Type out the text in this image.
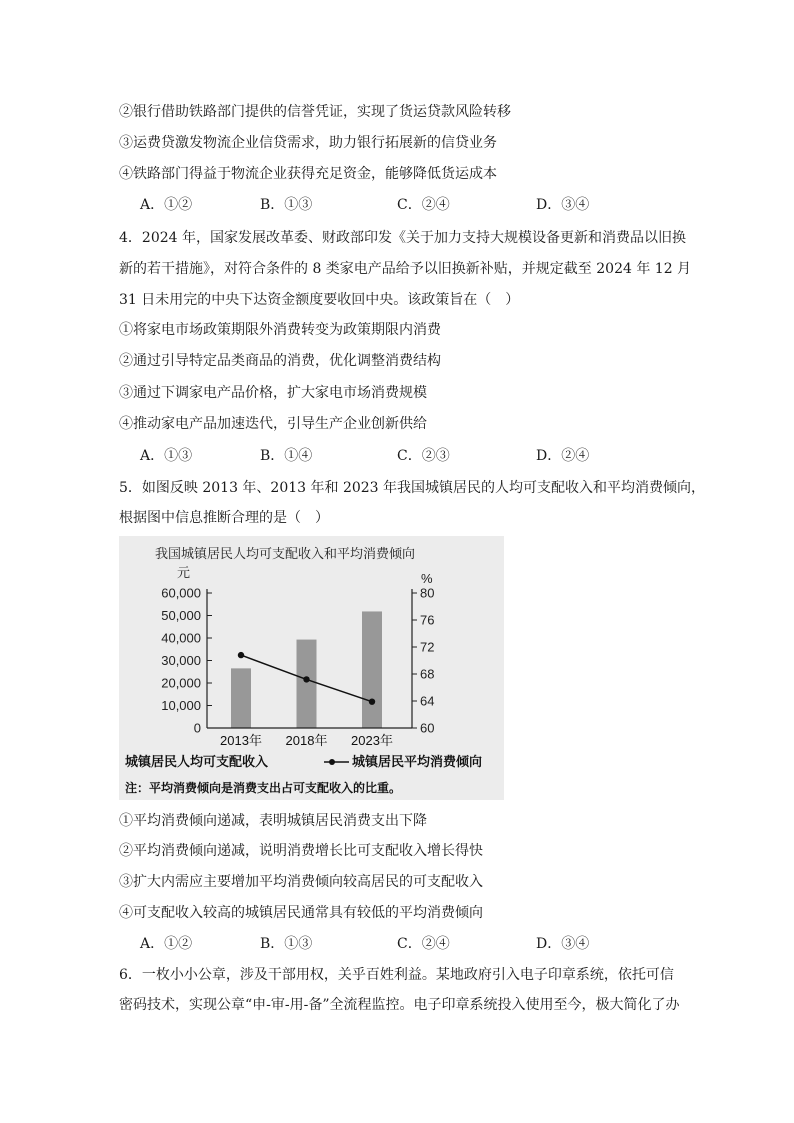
②银行借助铁路部门提供的信誉凭证，实现了货运贷款风险转移
③运费贷激发物流企业信贷需求，助力银行拓展新的信贷业务
④铁路部门得益于物流企业获得充足资金，能够降低货运成本
A．①②	B．①③	C．②④	D．③④
4．2024 年，国家发展改革委、财政部印发《关于加力支持大规模设备更新和消费品以旧换
新的若干措施》，对符合条件的 8 类家电产品给予以旧换新补贴，并规定截至 2024 年 12 月
31 日未用完的中央下达资金额度要收回中央。该政策旨在（　）
①将家电市场政策期限外消费转变为政策期限内消费
②通过引导特定品类商品的消费，优化调整消费结构
③通过下调家电产品价格，扩大家电市场消费规模
④推动家电产品加速迭代，引导生产企业创新供给
A．①③	B．①④	C．②③	D．②④
5．如图反映 2013 年、2013 年和 2023 年我国城镇居民的人均可支配收入和平均消费倾向，
根据图中信息推断合理的是（　）
我国城镇居民人均可支配收入和平均消费倾向
元	%
0
10,000
20,000
30,000
40,000
50,000
60,000
60
64
68
72
76
80
2013年 2018年 2023年
城镇居民人均可支配收入	城镇居民平均消费倾向
注：平均消费倾向是消费支出占可支配收入的比重。
①平均消费倾向递减，表明城镇居民消费支出下降
②平均消费倾向递减，说明消费增长比可支配收入增长得快
③扩大内需应主要增加平均消费倾向较高居民的可支配收入
④可支配收入较高的城镇居民通常具有较低的平均消费倾向
A．①②	B．①③	C．②④	D．③④
6．一枚小小公章，涉及干部用权，关乎百姓利益。某地政府引入电子印章系统，依托可信
密码技术，实现公章“申-审-用-备”全流程监控。电子印章系统投入使用至今，极大简化了办
